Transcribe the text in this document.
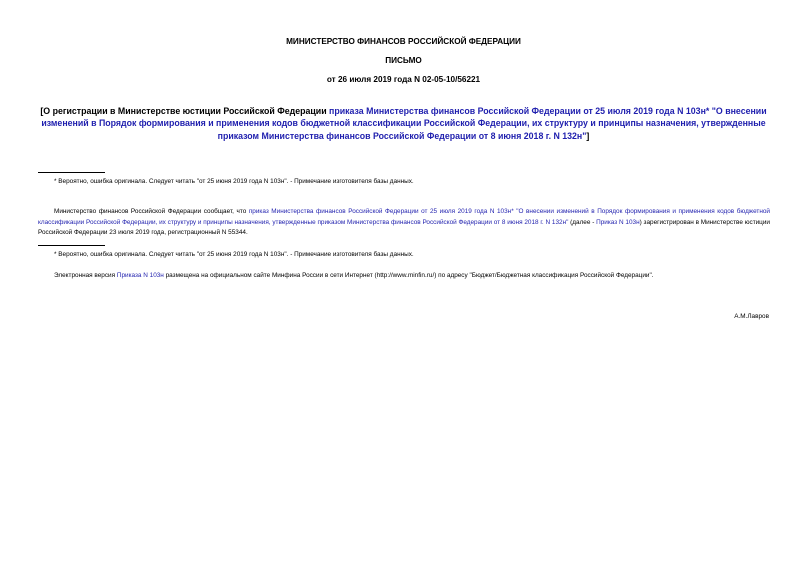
МИНИСТЕРСТВО ФИНАНСОВ РОССИЙСКОЙ ФЕДЕРАЦИИ
ПИСЬМО
от 26 июля 2019 года N 02-05-10/56221
[О регистрации в Министерстве юстиции Российской Федерации приказа Министерства финансов Российской Федерации от 25 июля 2019 года N 103н* "О внесении изменений в Порядок формирования и применения кодов бюджетной классификации Российской Федерации, их структуру и принципы назначения, утвержденные приказом Министерства финансов Российской Федерации от 8 июня 2018 г. N 132н"]
* Вероятно, ошибка оригинала. Следует читать "от 25 июня 2019 года N 103н". - Примечание изготовителя базы данных.
Министерство финансов Российской Федерации сообщает, что приказ Министерства финансов Российской Федерации от 25 июля 2019 года N 103н* "О внесении изменений в Порядок формирования и применения кодов бюджетной классификации Российской Федерации, их структуру и принципы назначения, утвержденные приказом Министерства финансов Российской Федерации от 8 июня 2018 г. N 132н" (далее - Приказ N 103н) зарегистрирован в Министерстве юстиции Российской Федерации 23 июля 2019 года, регистрационный N 55344.
* Вероятно, ошибка оригинала. Следует читать "от 25 июня 2019 года N 103н". - Примечание изготовителя базы данных.
Электронная версия Приказа N 103н размещена на официальном сайте Минфина России в сети Интернет (http://www.minfin.ru/) по адресу "Бюджет/Бюджетная классификация Российской Федерации".
А.М.Лавров
